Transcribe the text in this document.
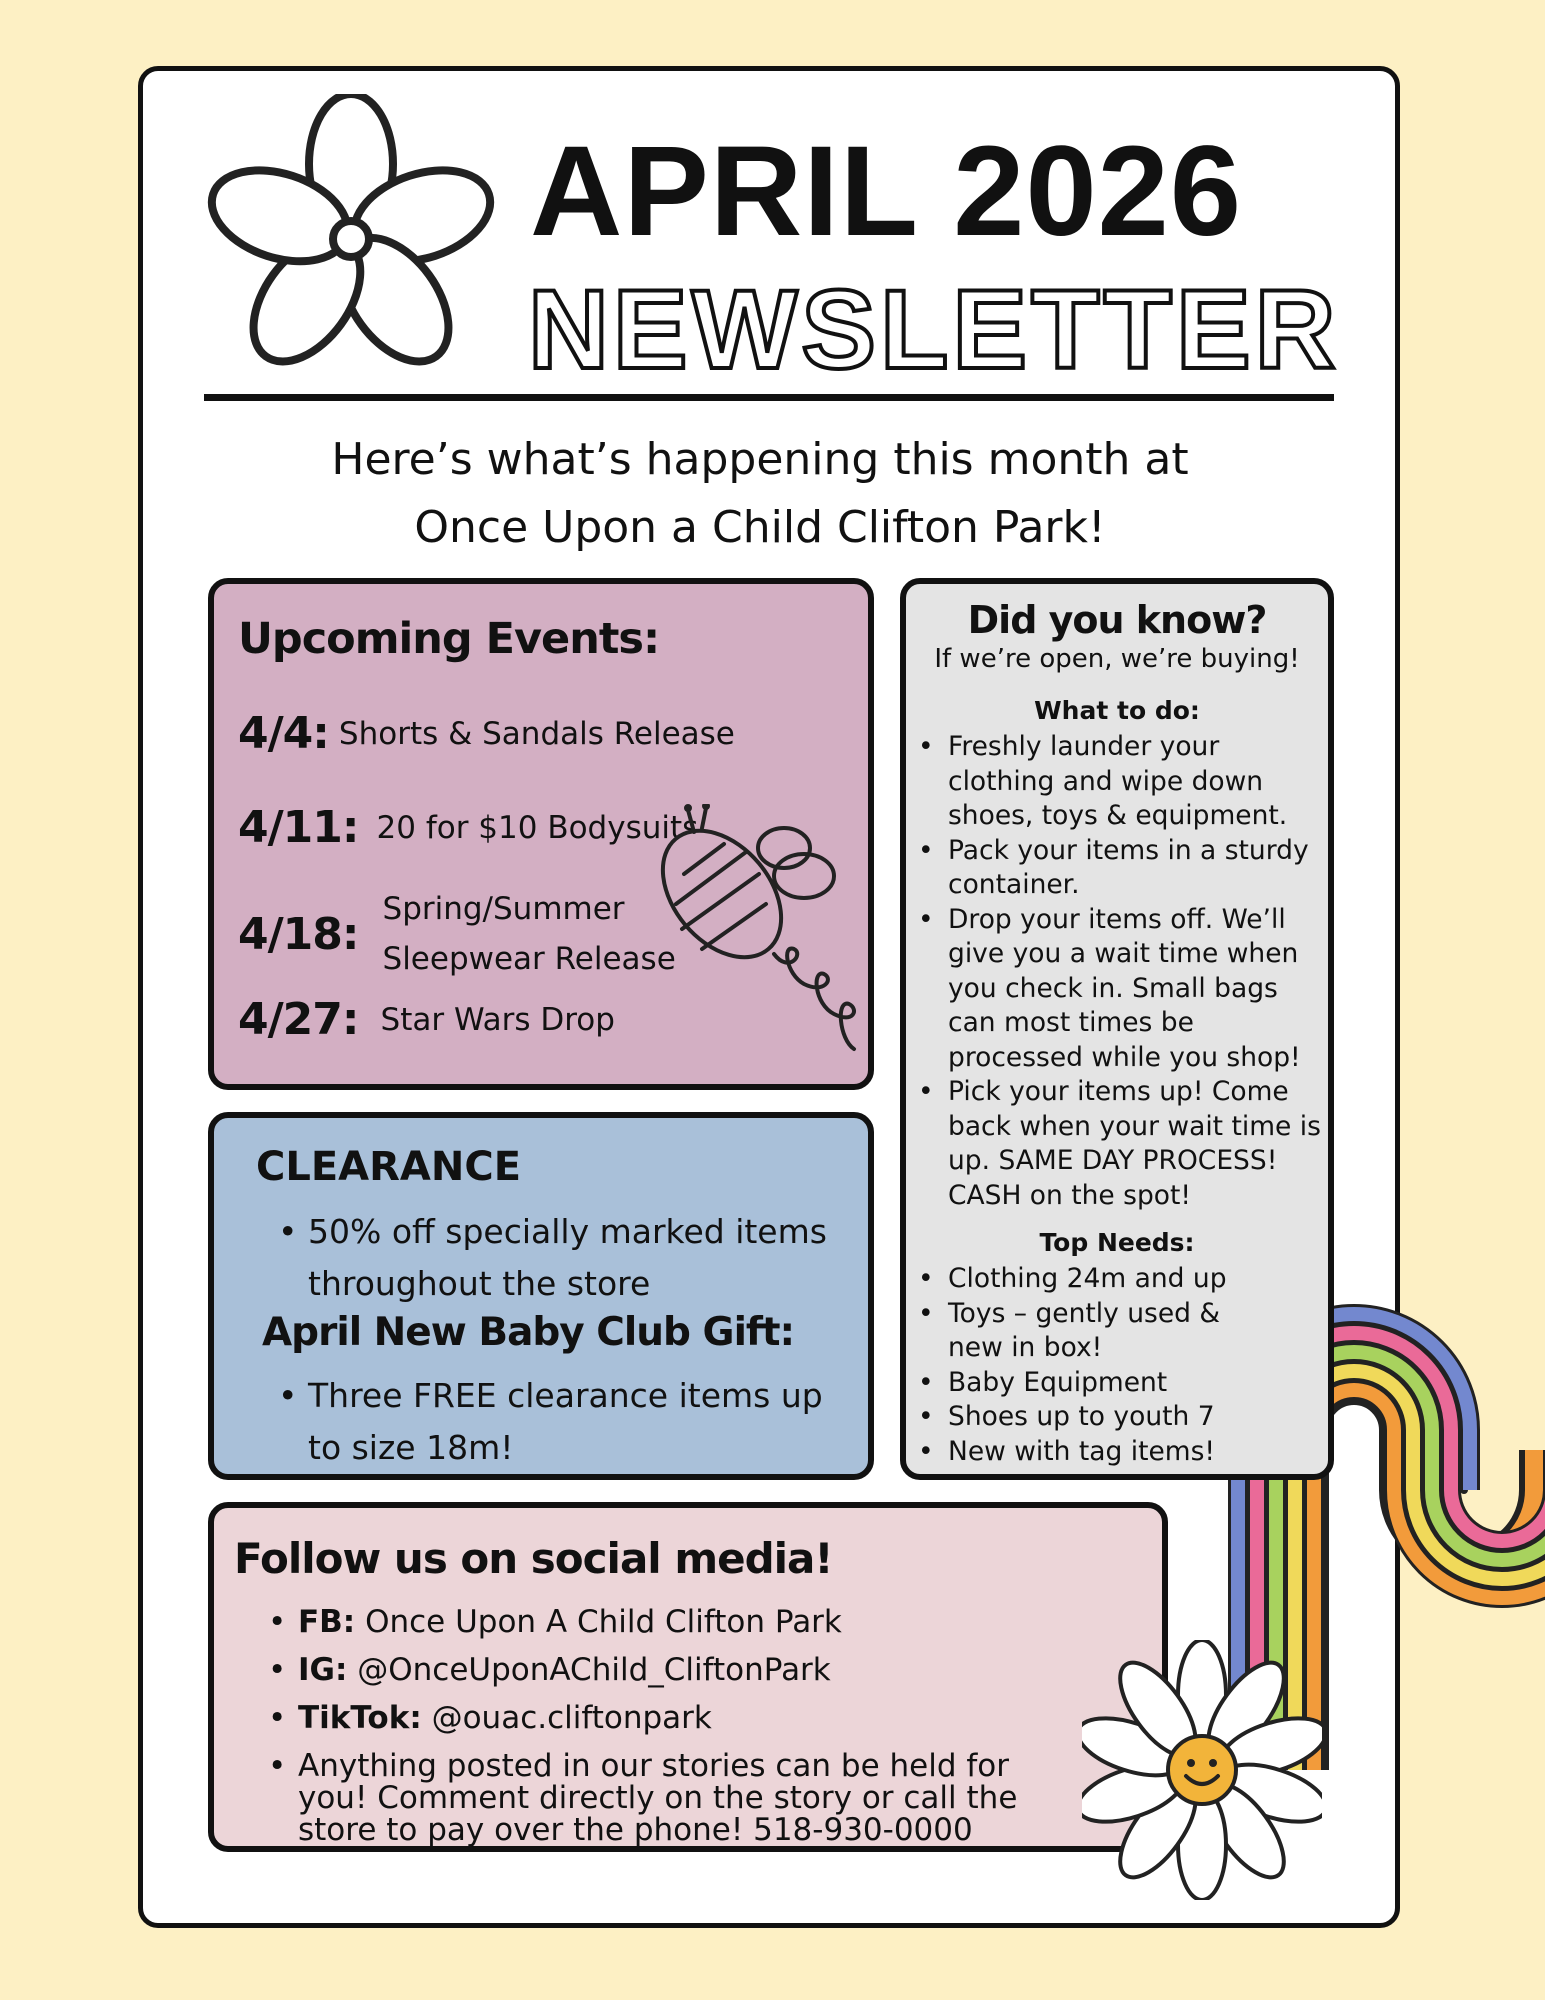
APRIL 2026
NEWSLETTER
Here’s what’s happening this month at
Once Upon a Child Clifton Park!
Upcoming Events:
4/4: Shorts & Sandals Release
4/11: 20 for $10 Bodysuits
4/18: Spring/Summer
Sleepwear Release
4/27: Star Wars Drop
CLEARANCE
• 50% off specially marked items throughout the store
April New Baby Club Gift:
• Three FREE clearance items up to size 18m!
Did you know?
If we’re open, we’re buying!
What to do:
• Freshly launder your clothing and wipe down shoes, toys & equipment.
• Pack your items in a sturdy container.
• Drop your items off. We’ll give you a wait time when you check in. Small bags can most times be processed while you shop!
• Pick your items up! Come back when your wait time is up. SAME DAY PROCESS! CASH on the spot!
Top Needs:
• Clothing 24m and up
• Toys – gently used & new in box!
• Baby Equipment
• Shoes up to youth 7
• New with tag items!
Follow us on social media!
• FB: Once Upon A Child Clifton Park
• IG: @OnceUponAChild_CliftonPark
• TikTok: @ouac.cliftonpark
• Anything posted in our stories can be held for you! Comment directly on the story or call the store to pay over the phone! 518-930-0000
